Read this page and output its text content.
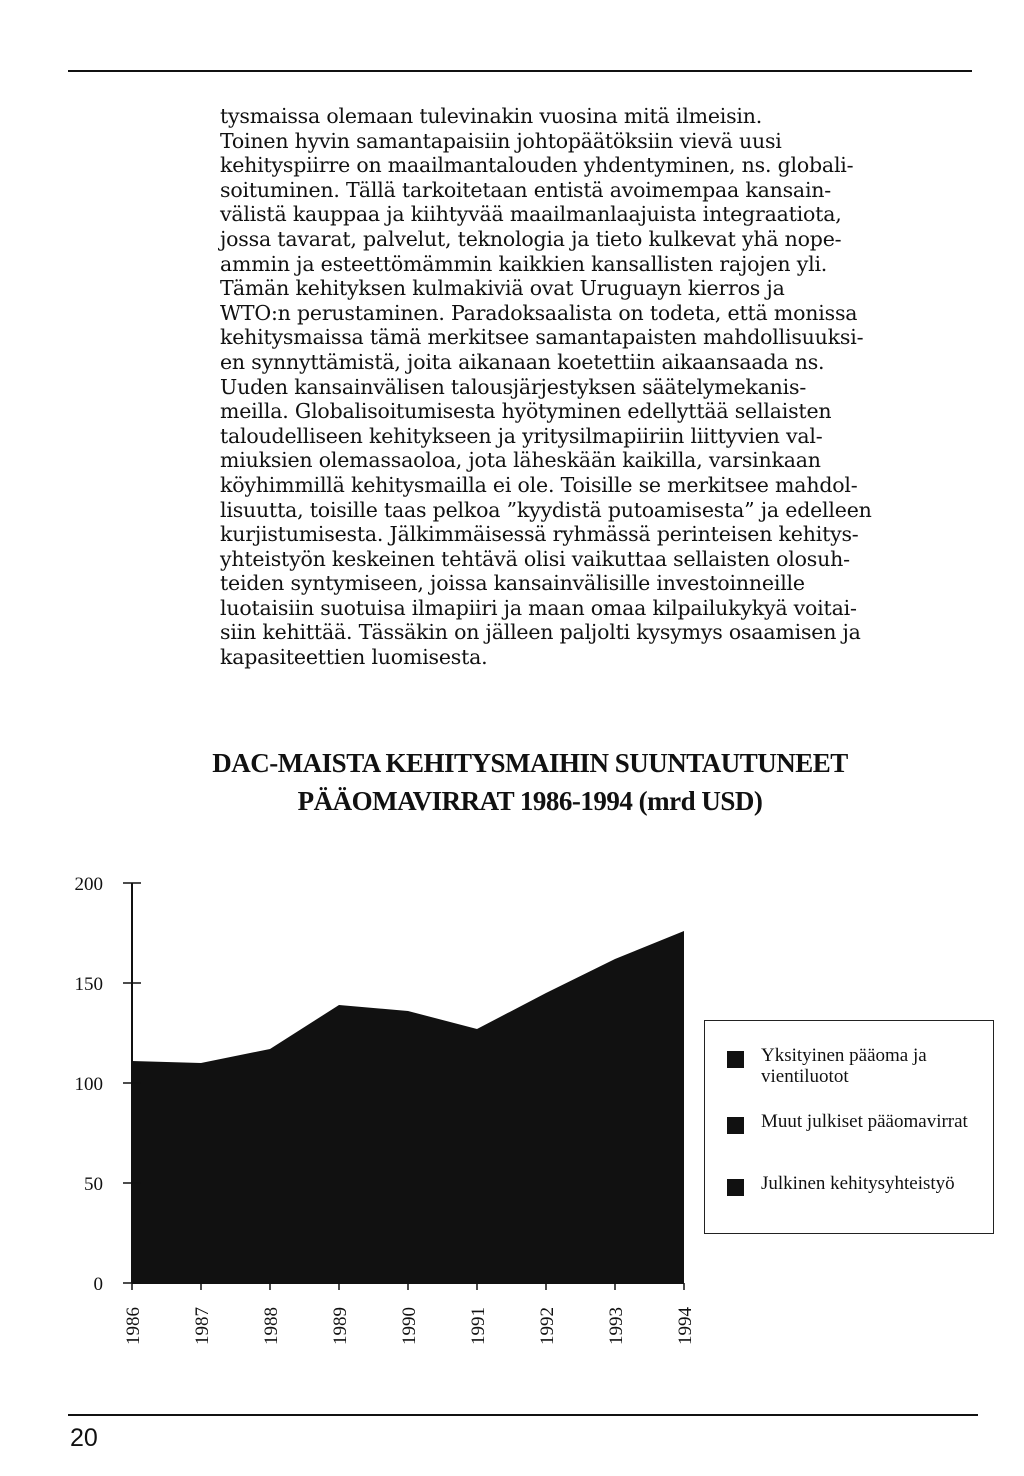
tysmaissa olemaan tulevinakin vuosina mitä ilmeisin.
Toinen hyvin samantapaisiin johtopäätöksiin vievä uusi
kehityspiirre on maailmantalouden yhdentyminen, ns. globali-
soituminen. Tällä tarkoitetaan entistä avoimempaa kansain-
välistä kauppaa ja kiihtyvää maailmanlaajuista integraatiota,
jossa tavarat, palvelut, teknologia ja tieto kulkevat yhä nope-
ammin ja esteettömämmin kaikkien kansallisten rajojen yli.
Tämän kehityksen kulmakiviä ovat Uruguayn kierros ja
WTO:n perustaminen. Paradoksaalista on todeta, että monissa
kehitysmaissa tämä merkitsee samantapaisten mahdollisuuksi-
en synnyttämistä, joita aikanaan koetettiin aikaansaada ns.
Uuden kansainvälisen talousjärjestyksen säätelymekanis-
meilla. Globalisoitumisesta hyötyminen edellyttää sellaisten
taloudelliseen kehitykseen ja yritysilmapiiriin liittyvien val-
miuksien olemassaoloa, jota läheskään kaikilla, varsinkaan
köyhimmillä kehitysmailla ei ole. Toisille se merkitsee mahdol-
lisuutta, toisille taas pelkoa ”kyydistä putoamisesta” ja edelleen
kurjistumisesta. Jälkimmäisessä ryhmässä perinteisen kehitys-
yhteistyön keskeinen tehtävä olisi vaikuttaa sellaisten olosuh-
teiden syntymiseen, joissa kansainvälisille investoinneille
luotaisiin suotuisa ilmapiiri ja maan omaa kilpailukykyä voitai-
siin kehittää. Tässäkin on jälleen paljolti kysymys osaamisen ja
kapasiteettien luomisesta.
DAC-MAISTA KEHITYSMAIHIN SUUNTAUTUNEET
PÄÄOMAVIRRAT 1986-1994 (mrd USD)
0
50
100
150
200
1986	1987	1988	1989	1990	1991	1992	1993	1994
Yksityinen pääoma ja vientiluotot
Muut julkiset pääomavirrat
Julkinen kehitysyhteistyö
20
